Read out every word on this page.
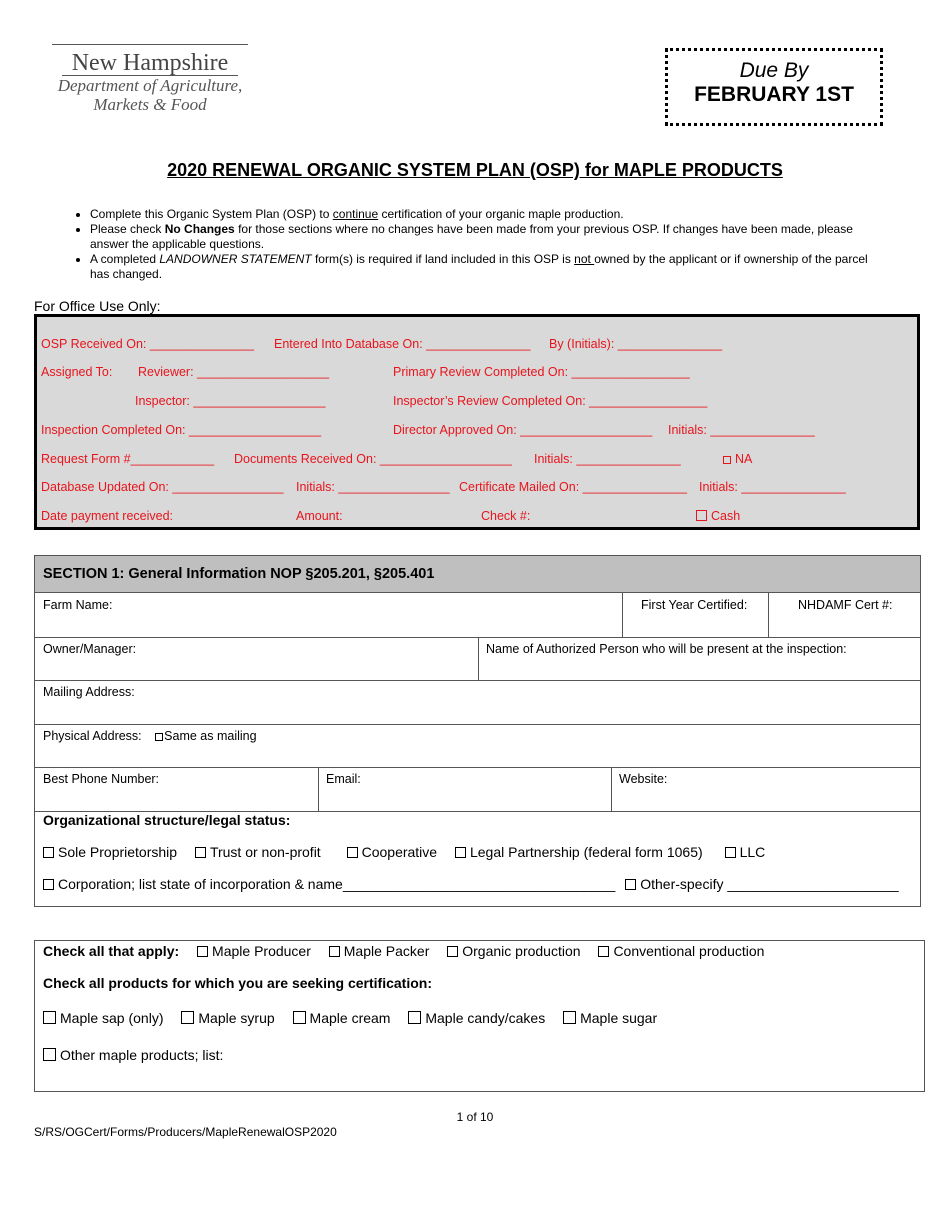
New Hampshire
Department of Agriculture,
Markets & Food
Due By
FEBRUARY 1ST
2020 RENEWAL ORGANIC SYSTEM PLAN (OSP) for MAPLE PRODUCTS
• Complete this Organic System Plan (OSP) to continue certification of your organic maple production.
• Please check No Changes for those sections where no changes have been made from your previous OSP. If changes have been made, please answer the applicable questions.
• A completed LANDOWNER STATEMENT form(s) is required if land included in this OSP is not owned by the applicant or if ownership of the parcel has changed.
For Office Use Only:
OSP Received On: _______________ Entered Into Database On: _______________ By (Initials): _______________
Assigned To: Reviewer: ___________________	Primary Review Completed On: _________________
Inspector: ___________________	Inspector’s Review Completed On: _________________
Inspection Completed On: ___________________	Director Approved On: ___________________ Initials: _______________
Request Form #____________ Documents Received On: ___________________ Initials: _______________	NA
Database Updated On: ________________ Initials: ________________ Certificate Mailed On: _______________ Initials: _______________
Date payment received:	Amount:	Check #:	Cash
SECTION 1: General Information NOP §205.201, §205.401
Farm Name:	First Year Certified:	NHDAMF Cert #:
Owner/Manager:	Name of Authorized Person who will be present at the inspection:
Mailing Address:
Physical Address: Same as mailing
Best Phone Number:	Email:	Website:
Organizational structure/legal status:
Sole Proprietorship Trust or non-profit	Cooperative Legal Partnership (federal form 1065)	LLC
Corporation; list state of incorporation & name___________________________________ Other-specify ______________________
Check all that apply: Maple Producer Maple Packer Organic production Conventional production
Check all products for which you are seeking certification:
Maple sap (only) Maple syrup Maple cream Maple candy/cakes Maple sugar
Other maple products; list:
1 of 10
S/RS/OGCert/Forms/Producers/MapleRenewalOSP2020
